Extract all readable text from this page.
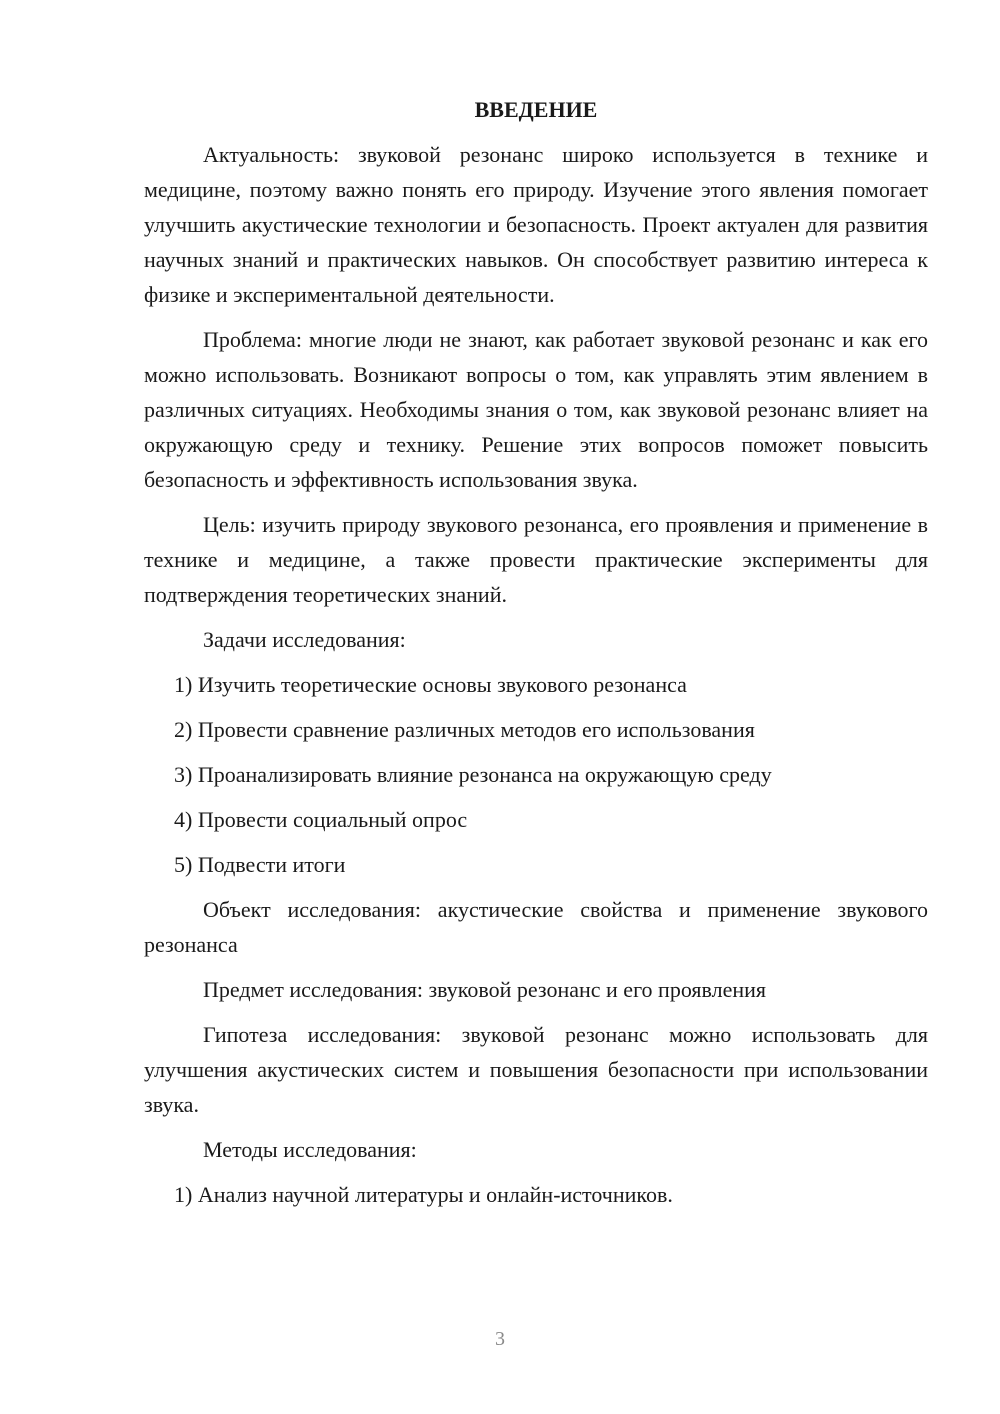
ВВЕДЕНИЕ
Актуальность: звуковой резонанс широко используется в технике и медицине, поэтому важно понять его природу. Изучение этого явления помогает улучшить акустические технологии и безопасность. Проект актуален для развития научных знаний и практических навыков. Он способствует развитию интереса к физике и экспериментальной деятельности.
Проблема: многие люди не знают, как работает звуковой резонанс и как его можно использовать. Возникают вопросы о том, как управлять этим явлением в различных ситуациях. Необходимы знания о том, как звуковой резонанс влияет на окружающую среду и технику. Решение этих вопросов поможет повысить безопасность и эффективность использования звука.
Цель: изучить природу звукового резонанса, его проявления и применение в технике и медицине, а также провести практические эксперименты для подтверждения теоретических знаний.
Задачи исследования:
1) Изучить теоретические основы звукового резонанса
2) Провести сравнение различных методов его использования
3) Проанализировать влияние резонанса на окружающую среду
4) Провести социальный опрос
5) Подвести итоги
Объект исследования: акустические свойства и применение звукового резонанса
Предмет исследования: звуковой резонанс и его проявления
Гипотеза исследования: звуковой резонанс можно использовать для улучшения акустических систем и повышения безопасности при использовании звука.
Методы исследования:
1) Анализ научной литературы и онлайн-источников.
3
